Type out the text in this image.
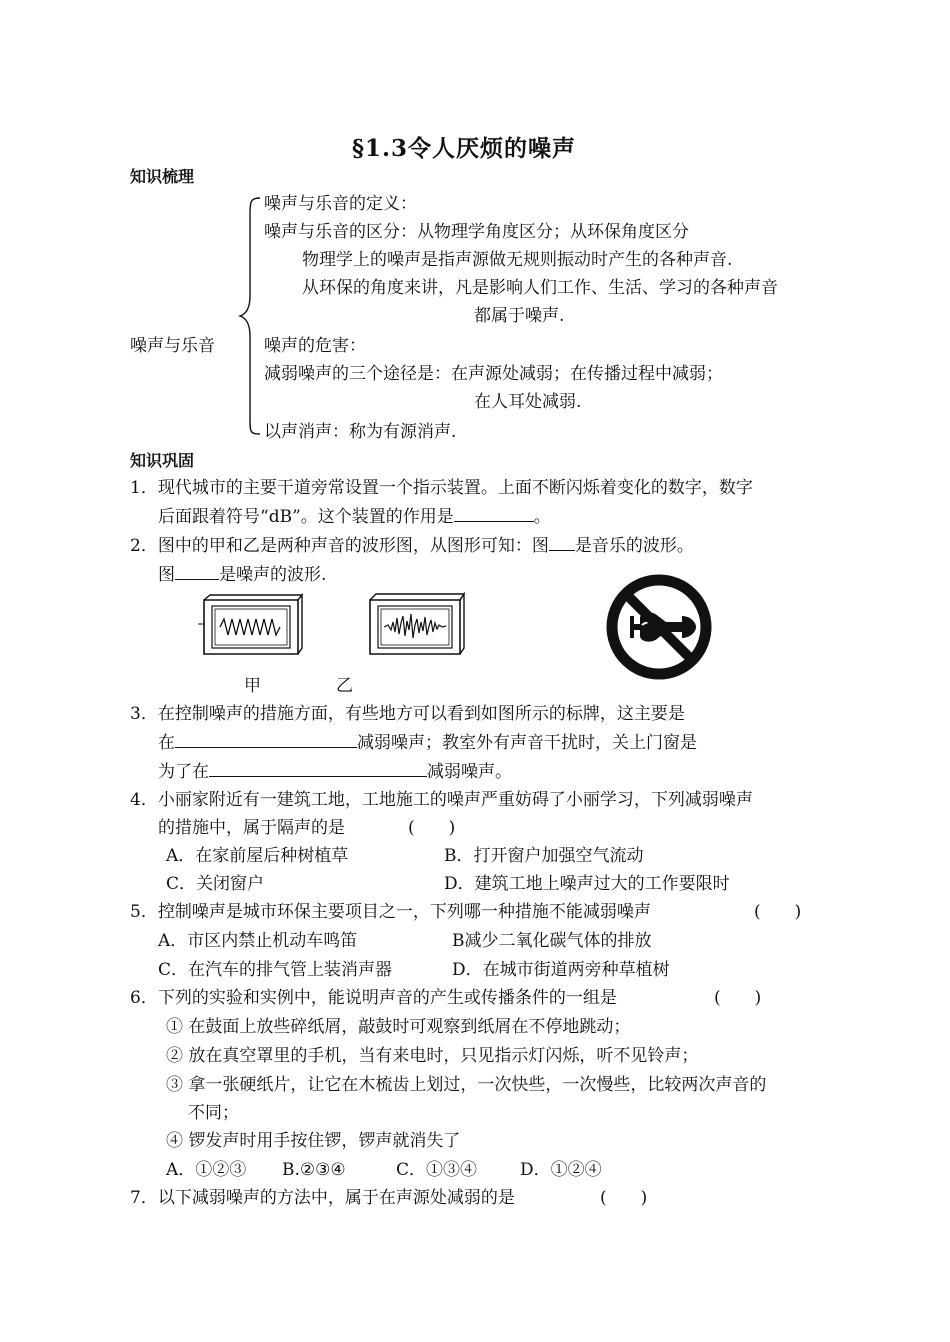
§1.3令人厌烦的噪声
知识梳理
噪声与乐音
噪声与乐音的定义：
噪声与乐音的区分：从物理学角度区分；从环保角度区分
物理学上的噪声是指声源做无规则振动时产生的各种声音.
从环保的角度来讲，凡是影响人们工作、生活、学习的各种声音
都属于噪声.
噪声的危害：
减弱噪声的三个途径是：在声源处减弱；在传播过程中减弱；
在人耳处减弱.
以声消声：称为有源消声.
知识巩固
1．现代城市的主要干道旁常设置一个指示装置。上面不断闪烁着变化的数字，数字
后面跟着符号“dB”。这个装置的作用是	。
2．图中的甲和乙是两种声音的波形图，从图形可知：图 是音乐的波形。
图	是噪声的波形.
甲	乙
3．在控制噪声的措施方面，有些地方可以看到如图所示的标牌，这主要是
在	减弱噪声；教室外有声音干扰时，关上门窗是
为了在	减弱噪声。
4．小丽家附近有一建筑工地，工地施工的噪声严重妨碍了小丽学习，下列减弱噪声
的措施中，属于隔声的是	(　　)
A．在家前屋后种树植草	B．打开窗户加强空气流动
C．关闭窗户	D．建筑工地上噪声过大的工作要限时
5．控制噪声是城市环保主要项目之一，下列哪一种措施不能减弱噪声	(　　)
A．市区内禁止机动车鸣笛	B减少二氧化碳气体的排放
C．在汽车的排气管上装消声器	D．在城市街道两旁种草植树
6．下列的实验和实例中，能说明声音的产生或传播条件的一组是	(　　)
① 在鼓面上放些碎纸屑，敲鼓时可观察到纸屑在不停地跳动；
② 放在真空罩里的手机，当有来电时，只见指示灯闪烁，听不见铃声；
③ 拿一张硬纸片，让它在木梳齿上划过，一次快些，一次慢些，比较两次声音的
不同；
④ 锣发声时用手按住锣，锣声就消失了
A．①②③ B.②③④	C．①③④	D．①②④
7．以下减弱噪声的方法中，属于在声源处减弱的是	(　　)
